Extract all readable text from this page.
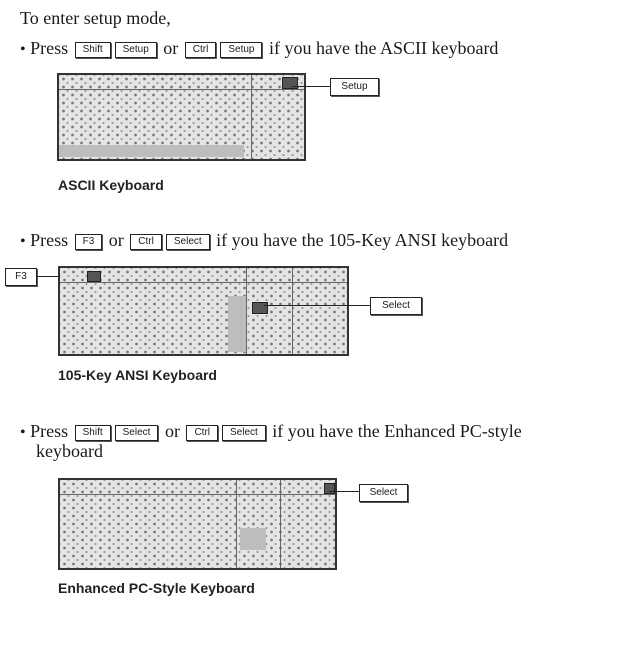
To enter setup mode,
• Press Shift Setup or Ctrl Setup if you have the ASCII keyboard
Setup
ASCII Keyboard
• Press F3 or Ctrl Select if you have the 105-Key ANSI keyboard
F3
Select
105-Key ANSI Keyboard
• Press Shift Select or Ctrl Select if you have the Enhanced PC-style
keyboard
Select
Enhanced PC-Style Keyboard
